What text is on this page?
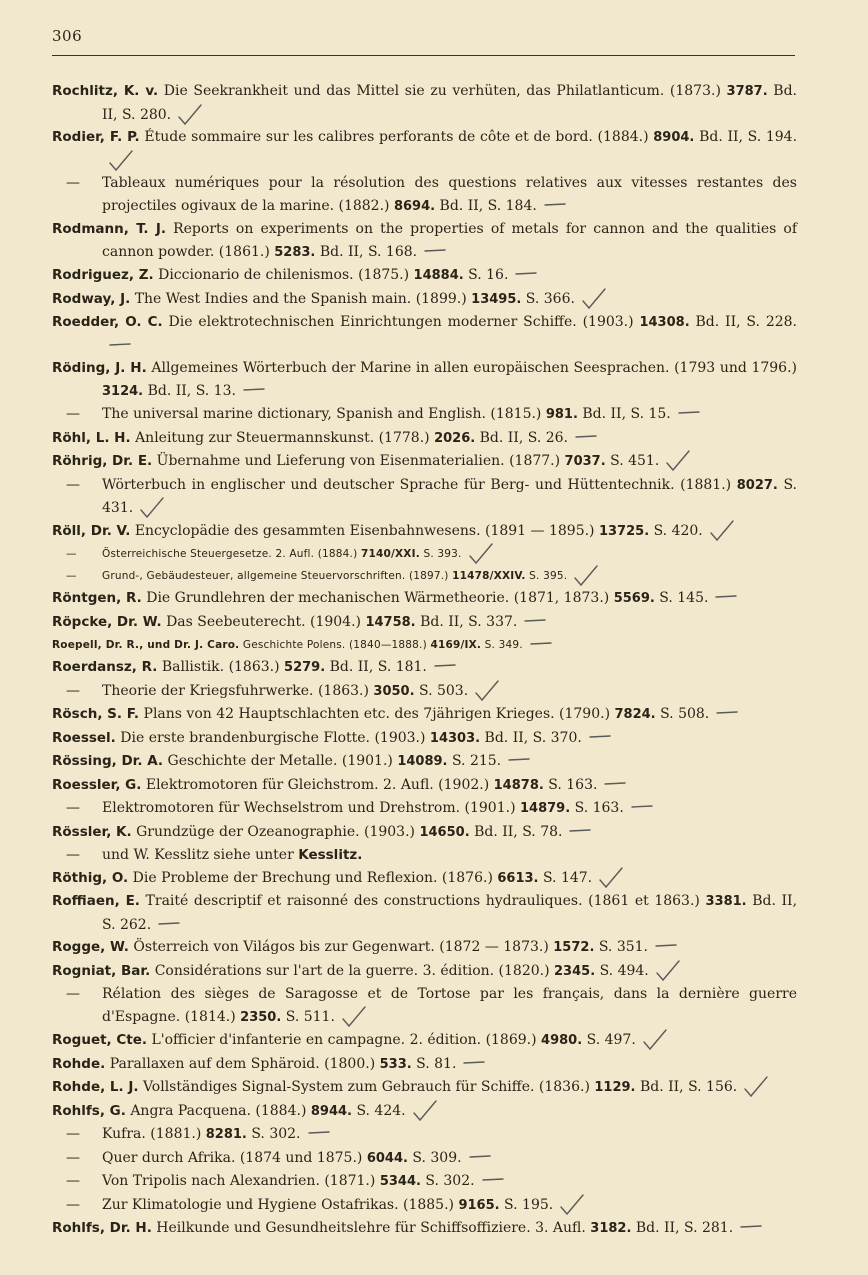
306

Rochlitz, K. v. Die Seekrankheit und das Mittel sie zu verhüten, das Philatlanticum. (1873.) 3787. Bd. II, S. 280.

Rodier, F. P. Étude sommaire sur les calibres perforants de côte et de bord. (1884.) 8904. Bd. II, S. 194.

— Tableaux numériques pour la résolution des questions relatives aux vitesses restantes des projectiles ogivaux de la marine. (1882.) 8694. Bd. II, S. 184.

Rodmann, T. J. Reports on experiments on the properties of metals for cannon and the qualities of cannon powder. (1861.) 5283. Bd. II, S. 168.

Rodriguez, Z. Diccionario de chilenismos. (1875.) 14884. S. 16.

Rodway, J. The West Indies and the Spanish main. (1899.) 13495. S. 366.

Roedder, O. C. Die elektrotechnischen Einrichtungen moderner Schiffe. (1903.) 14308. Bd. II, S. 228.

Röding, J. H. Allgemeines Wörterbuch der Marine in allen europäischen Seesprachen. (1793 und 1796.) 3124. Bd. II, S. 13.

— The universal marine dictionary, Spanish and English. (1815.) 981. Bd. II, S. 15.

Röhl, L. H. Anleitung zur Steuermannskunst. (1778.) 2026. Bd. II, S. 26.

Röhrig, Dr. E. Übernahme und Lieferung von Eisenmaterialien. (1877.) 7037. S. 451.

— Wörterbuch in englischer und deutscher Sprache für Berg- und Hüttentechnik. (1881.) 8027. S. 431.

Röll, Dr. V. Encyclopädie des gesammten Eisenbahnwesens. (1891 — 1895.) 13725. S. 420.

— Österreichische Steuergesetze. 2. Aufl. (1884.) 7140/XXI. S. 393.

— Grund-, Gebäudesteuer, allgemeine Steuervorschriften. (1897.) 11478/XXIV. S. 395.

Röntgen, R. Die Grundlehren der mechanischen Wärmetheorie. (1871, 1873.) 5569. S. 145.

Röpcke, Dr. W. Das Seebeuterecht. (1904.) 14758. Bd. II, S. 337.

Roepell, Dr. R., und Dr. J. Caro. Geschichte Polens. (1840—1888.) 4169/IX. S. 349.

Roerdansz, R. Ballistik. (1863.) 5279. Bd. II, S. 181.

— Theorie der Kriegsfuhrwerke. (1863.) 3050. S. 503.

Rösch, S. F. Plans von 42 Hauptschlachten etc. des 7jährigen Krieges. (1790.) 7824. S. 508.

Roessel. Die erste brandenburgische Flotte. (1903.) 14303. Bd. II, S. 370.

Rössing, Dr. A. Geschichte der Metalle. (1901.) 14089. S. 215.

Roessler, G. Elektromotoren für Gleichstrom. 2. Aufl. (1902.) 14878. S. 163.

— Elektromotoren für Wechselstrom und Drehstrom. (1901.) 14879. S. 163.

Rössler, K. Grundzüge der Ozeanographie. (1903.) 14650. Bd. II, S. 78.

— und W. Kesslitz siehe unter Kesslitz.

Röthig, O. Die Probleme der Brechung und Reflexion. (1876.) 6613. S. 147.

Roffiaen, E. Traité descriptif et raisonné des constructions hydrauliques. (1861 et 1863.) 3381. Bd. II, S. 262.

Rogge, W. Österreich von Világos bis zur Gegenwart. (1872 — 1873.) 1572. S. 351.

Rogniat, Bar. Considérations sur l'art de la guerre. 3. édition. (1820.) 2345. S. 494.

— Rélation des sièges de Saragosse et de Tortose par les français, dans la dernière guerre d'Espagne. (1814.) 2350. S. 511.

Roguet, Cte. L'officier d'infanterie en campagne. 2. édition. (1869.) 4980. S. 497.

Rohde. Parallaxen auf dem Sphäroid. (1800.) 533. S. 81.

Rohde, L. J. Vollständiges Signal-System zum Gebrauch für Schiffe. (1836.) 1129. Bd. II, S. 156.

Rohlfs, G. Angra Pacquena. (1884.) 8944. S. 424.

— Kufra. (1881.) 8281. S. 302.

— Quer durch Afrika. (1874 und 1875.) 6044. S. 309.

— Von Tripolis nach Alexandrien. (1871.) 5344. S. 302.

— Zur Klimatologie und Hygiene Ostafrikas. (1885.) 9165. S. 195.

Rohlfs, Dr. H. Heilkunde und Gesundheitslehre für Schiffsoffiziere. 3. Aufl. 3182. Bd. II, S. 281.
